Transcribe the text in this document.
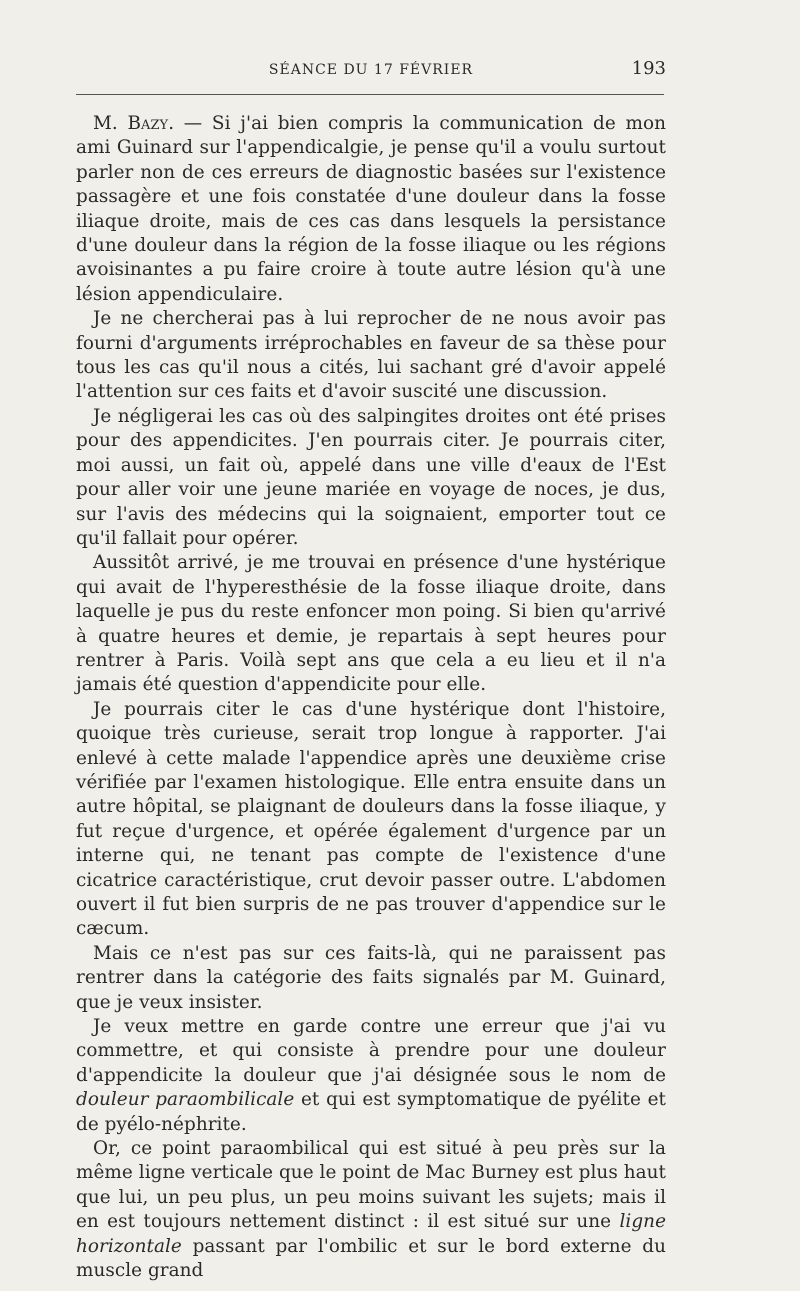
SÉANCE DU 17 FÉVRIER	193

M. Bazy. — Si j'ai bien compris la communication de mon ami Guinard sur l'appendicalgie, je pense qu'il a voulu surtout parler non de ces erreurs de diagnostic basées sur l'existence passagère et une fois constatée d'une douleur dans la fosse iliaque droite, mais de ces cas dans lesquels la persistance d'une douleur dans la région de la fosse iliaque ou les régions avoisinantes a pu faire croire à toute autre lésion qu'à une lésion appendiculaire.

Je ne chercherai pas à lui reprocher de ne nous avoir pas fourni d'arguments irréprochables en faveur de sa thèse pour tous les cas qu'il nous a cités, lui sachant gré d'avoir appelé l'attention sur ces faits et d'avoir suscité une discussion.

Je négligerai les cas où des salpingites droites ont été prises pour des appendicites. J'en pourrais citer. Je pourrais citer, moi aussi, un fait où, appelé dans une ville d'eaux de l'Est pour aller voir une jeune mariée en voyage de noces, je dus, sur l'avis des médecins qui la soignaient, emporter tout ce qu'il fallait pour opérer.

Aussitôt arrivé, je me trouvai en présence d'une hystérique qui avait de l'hyperesthésie de la fosse iliaque droite, dans laquelle je pus du reste enfoncer mon poing. Si bien qu'arrivé à quatre heures et demie, je repartais à sept heures pour rentrer à Paris. Voilà sept ans que cela a eu lieu et il n'a jamais été question d'appendicite pour elle.

Je pourrais citer le cas d'une hystérique dont l'histoire, quoique très curieuse, serait trop longue à rapporter. J'ai enlevé à cette malade l'appendice après une deuxième crise vérifiée par l'examen histologique. Elle entra ensuite dans un autre hôpital, se plaignant de douleurs dans la fosse iliaque, y fut reçue d'urgence, et opérée également d'urgence par un interne qui, ne tenant pas compte de l'existence d'une cicatrice caractéristique, crut devoir passer outre. L'abdomen ouvert il fut bien surpris de ne pas trouver d'appendice sur le cæcum.

Mais ce n'est pas sur ces faits-là, qui ne paraissent pas rentrer dans la catégorie des faits signalés par M. Guinard, que je veux insister.

Je veux mettre en garde contre une erreur que j'ai vu commettre, et qui consiste à prendre pour une douleur d'appendicite la douleur que j'ai désignée sous le nom de douleur paraombilicale et qui est symptomatique de pyélite et de pyélo-néphrite.

Or, ce point paraombilical qui est situé à peu près sur la même ligne verticale que le point de Mac Burney est plus haut que lui, un peu plus, un peu moins suivant les sujets; mais il en est toujours nettement distinct : il est situé sur une ligne horizontale passant par l'ombilic et sur le bord externe du muscle grand
